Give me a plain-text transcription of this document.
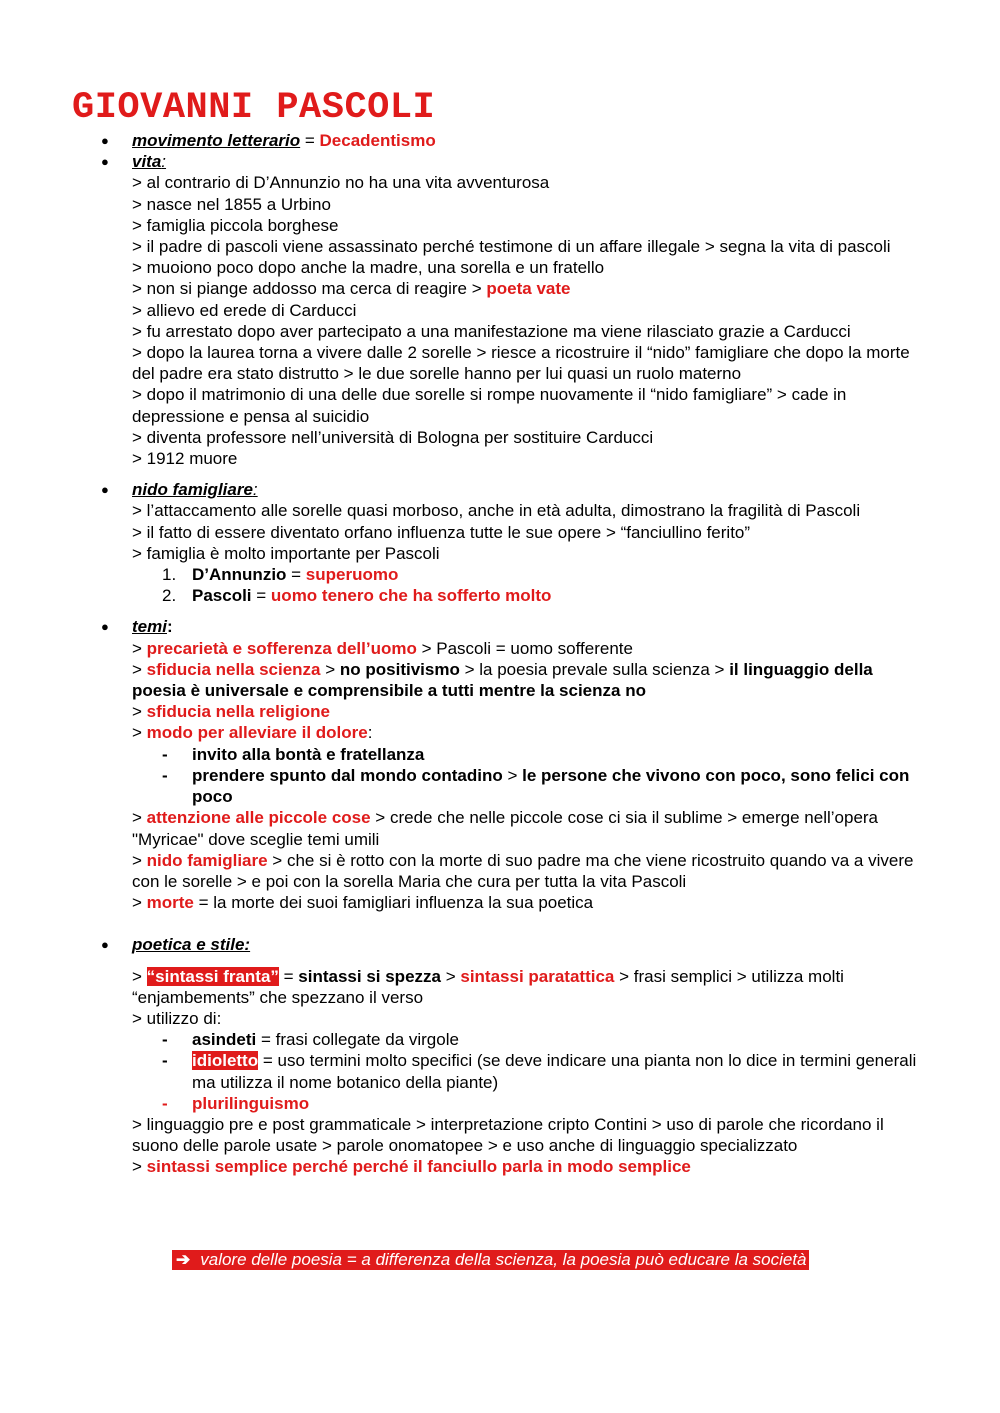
GIOVANNI PASCOLI
● movimento letterario = Decadentismo
● vita:
> al contrario di D’Annunzio no ha una vita avventurosa
> nasce nel 1855 a Urbino
> famiglia piccola borghese
> il padre di pascoli viene assassinato perché testimone di un affare illegale > segna la vita di pascoli
> muoiono poco dopo anche la madre, una sorella e un fratello
> non si piange addosso ma cerca di reagire > poeta vate
> allievo ed erede di Carducci
> fu arrestato dopo aver partecipato a una manifestazione ma viene rilasciato grazie a Carducci
> dopo la laurea torna a vivere dalle 2 sorelle > riesce a ricostruire il “nido” famigliare che dopo la morte del padre era stato distrutto > le due sorelle hanno per lui quasi un ruolo materno
> dopo il matrimonio di una delle due sorelle si rompe nuovamente il “nido famigliare” > cade in depressione e pensa al suicidio
> diventa professore nell’università di Bologna per sostituire Carducci
> 1912 muore
● nido famigliare:
> l’attaccamento alle sorelle quasi morboso, anche in età adulta, dimostrano la fragilità di Pascoli
> il fatto di essere diventato orfano influenza tutte le sue opere > “fanciullino ferito”
> famiglia è molto importante per Pascoli
1. D’Annunzio = superuomo
2. Pascoli = uomo tenero che ha sofferto molto
● temi:
> precarietà e sofferenza dell’uomo > Pascoli = uomo sofferente
> sfiducia nella scienza > no positivismo > la poesia prevale sulla scienza > il linguaggio della poesia è universale e comprensibile a tutti mentre la scienza no
> sfiducia nella religione
> modo per alleviare il dolore:
- invito alla bontà e fratellanza
- prendere spunto dal mondo contadino > le persone che vivono con poco, sono felici con poco
> attenzione alle piccole cose > crede che nelle piccole cose ci sia il sublime > emerge nell’opera "Myricae" dove sceglie temi umili
> nido famigliare > che si è rotto con la morte di suo padre ma che viene ricostruito quando va a vivere con le sorelle > e poi con la sorella Maria che cura per tutta la vita Pascoli
> morte = la morte dei suoi famigliari influenza la sua poetica
● poetica e stile:
> “sintassi franta” = sintassi si spezza > sintassi paratattica > frasi semplici > utilizza molti “enjambements” che spezzano il verso
> utilizzo di:
- asindeti = frasi collegate da virgole
- idioletto = uso termini molto specifici (se deve indicare una pianta non lo dice in termini generali ma utilizza il nome botanico della piante)
- plurilinguismo
> linguaggio pre e post grammaticale > interpretazione cripto Contini > uso di parole che ricordano il suono delle parole usate > parole onomatopee > e uso anche di linguaggio specializzato
> sintassi semplice perché perché il fanciullo parla in modo semplice
➔ valore delle poesia = a differenza della scienza, la poesia può educare la società
